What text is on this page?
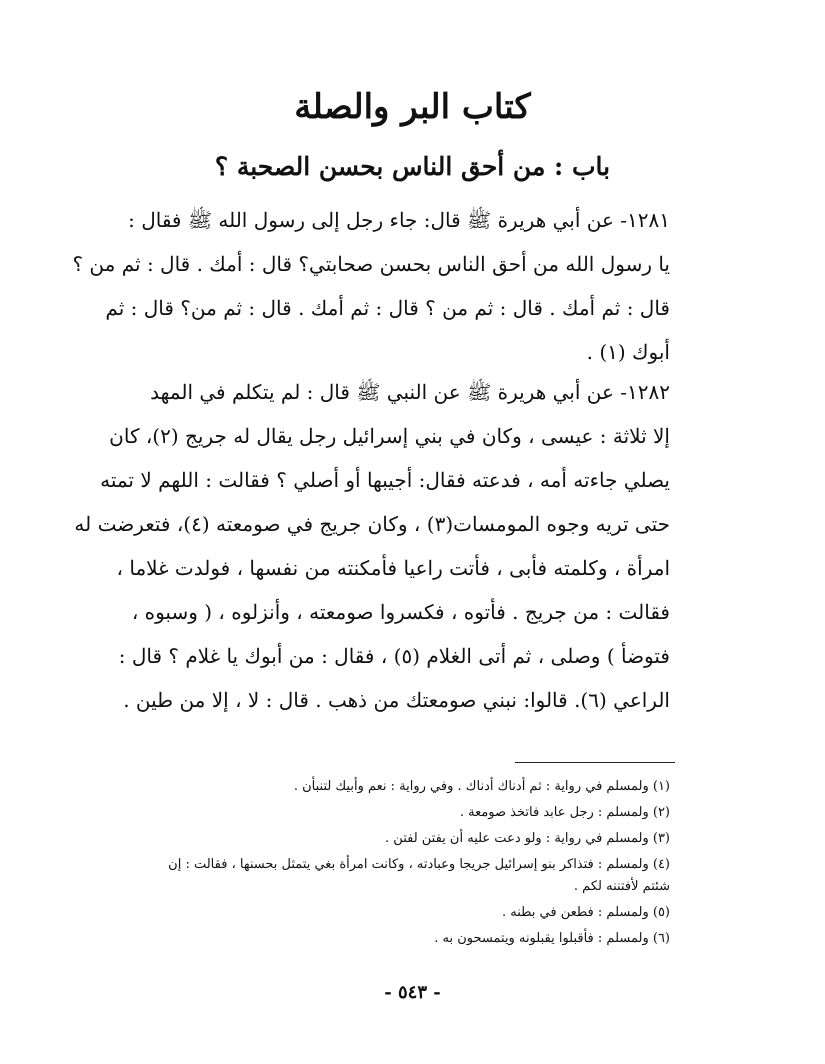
كتاب البر والصلة
باب : من أحق الناس بحسن الصحبة ؟
١٢٨١- عن أبي هريرة ﷺ قال: جاء رجل إلى رسول الله ﷺ فقال :
يا رسول الله من أحق الناس بحسن صحابتي؟ قال : أمك . قال : ثم من ؟
قال : ثم أمك . قال : ثم من ؟ قال : ثم أمك . قال : ثم من؟ قال : ثم
أبوك (١) .
١٢٨٢- عن أبي هريرة ﷺ عن النبي ﷺ قال : لم يتكلم في المهد
إلا ثلاثة : عيسى ، وكان في بني إسرائيل رجل يقال له جريج (٢)، كان
يصلي جاءته أمه ، فدعته فقال: أجيبها أو أصلي ؟ فقالت : اللهم لا تمته
حتى تريه وجوه المومسات(٣) ، وكان جريج في صومعته (٤)، فتعرضت له
امرأة ، وكلمته فأبى ، فأتت راعيا فأمكنته من نفسها ، فولدت غلاما ،
فقالت : من جريج . فأتوه ، فكسروا صومعته ، وأنزلوه ، ( وسبوه ،
فتوضأ ) وصلى ، ثم أتى الغلام (٥) ، فقال : من أبوك يا غلام ؟ قال :
الراعي (٦). قالوا: نبني صومعتك من ذهب . قال : لا ، إلا من طين .
(١) ولمسلم في رواية : ثم أدناك أدناك . وفي رواية : نعم وأبيك لتنبأن .
(٢) ولمسلم : رجل عابد فاتخذ صومعة .
(٣) ولمسلم في رواية : ولو دعت عليه أن يفتن لفتن .
(٤) ولمسلم : فتذاكر بنو إسرائيل جريجا وعبادته ، وكانت امرأة بغي يتمثل بحسنها ، فقالت : إن شئتم لأفتننه لكم .
(٥) ولمسلم : فطعن في بطنه .
(٦) ولمسلم : فأقبلوا يقبلونه ويتمسحون به .
- ٥٤٣ -
